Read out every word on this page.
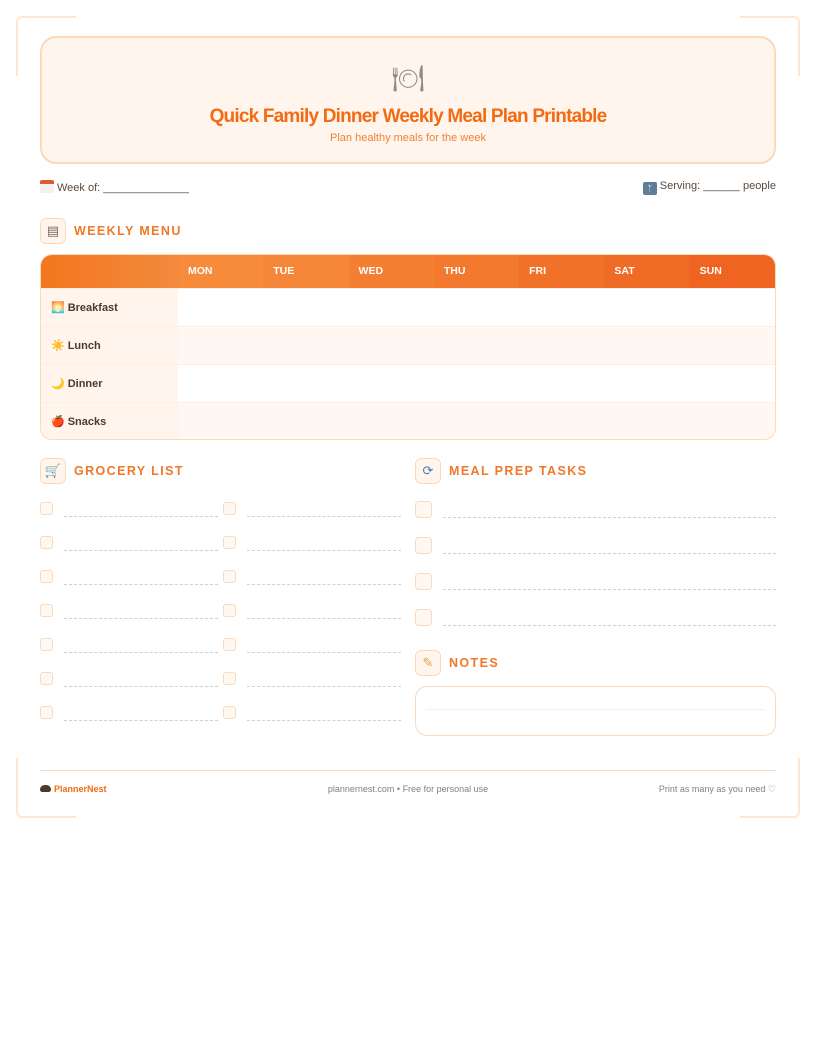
🍽
Quick Family Dinner Weekly Meal Plan Printable
Plan healthy meals for the week
Week of: ______________	ᛉ Serving: ______ people
▤	WEEKLY MENU
MON	TUE	WED	THU	FRI	SAT	SUN
🌅 Breakfast
☀️ Lunch
🌙 Dinner
🍎 Snacks
🛒	GROCERY LIST	⟳	MEAL PREP TASKS
✎	NOTES
PlannerNest	plannernest.com • Free for personal use	Print as many as you need ♡
